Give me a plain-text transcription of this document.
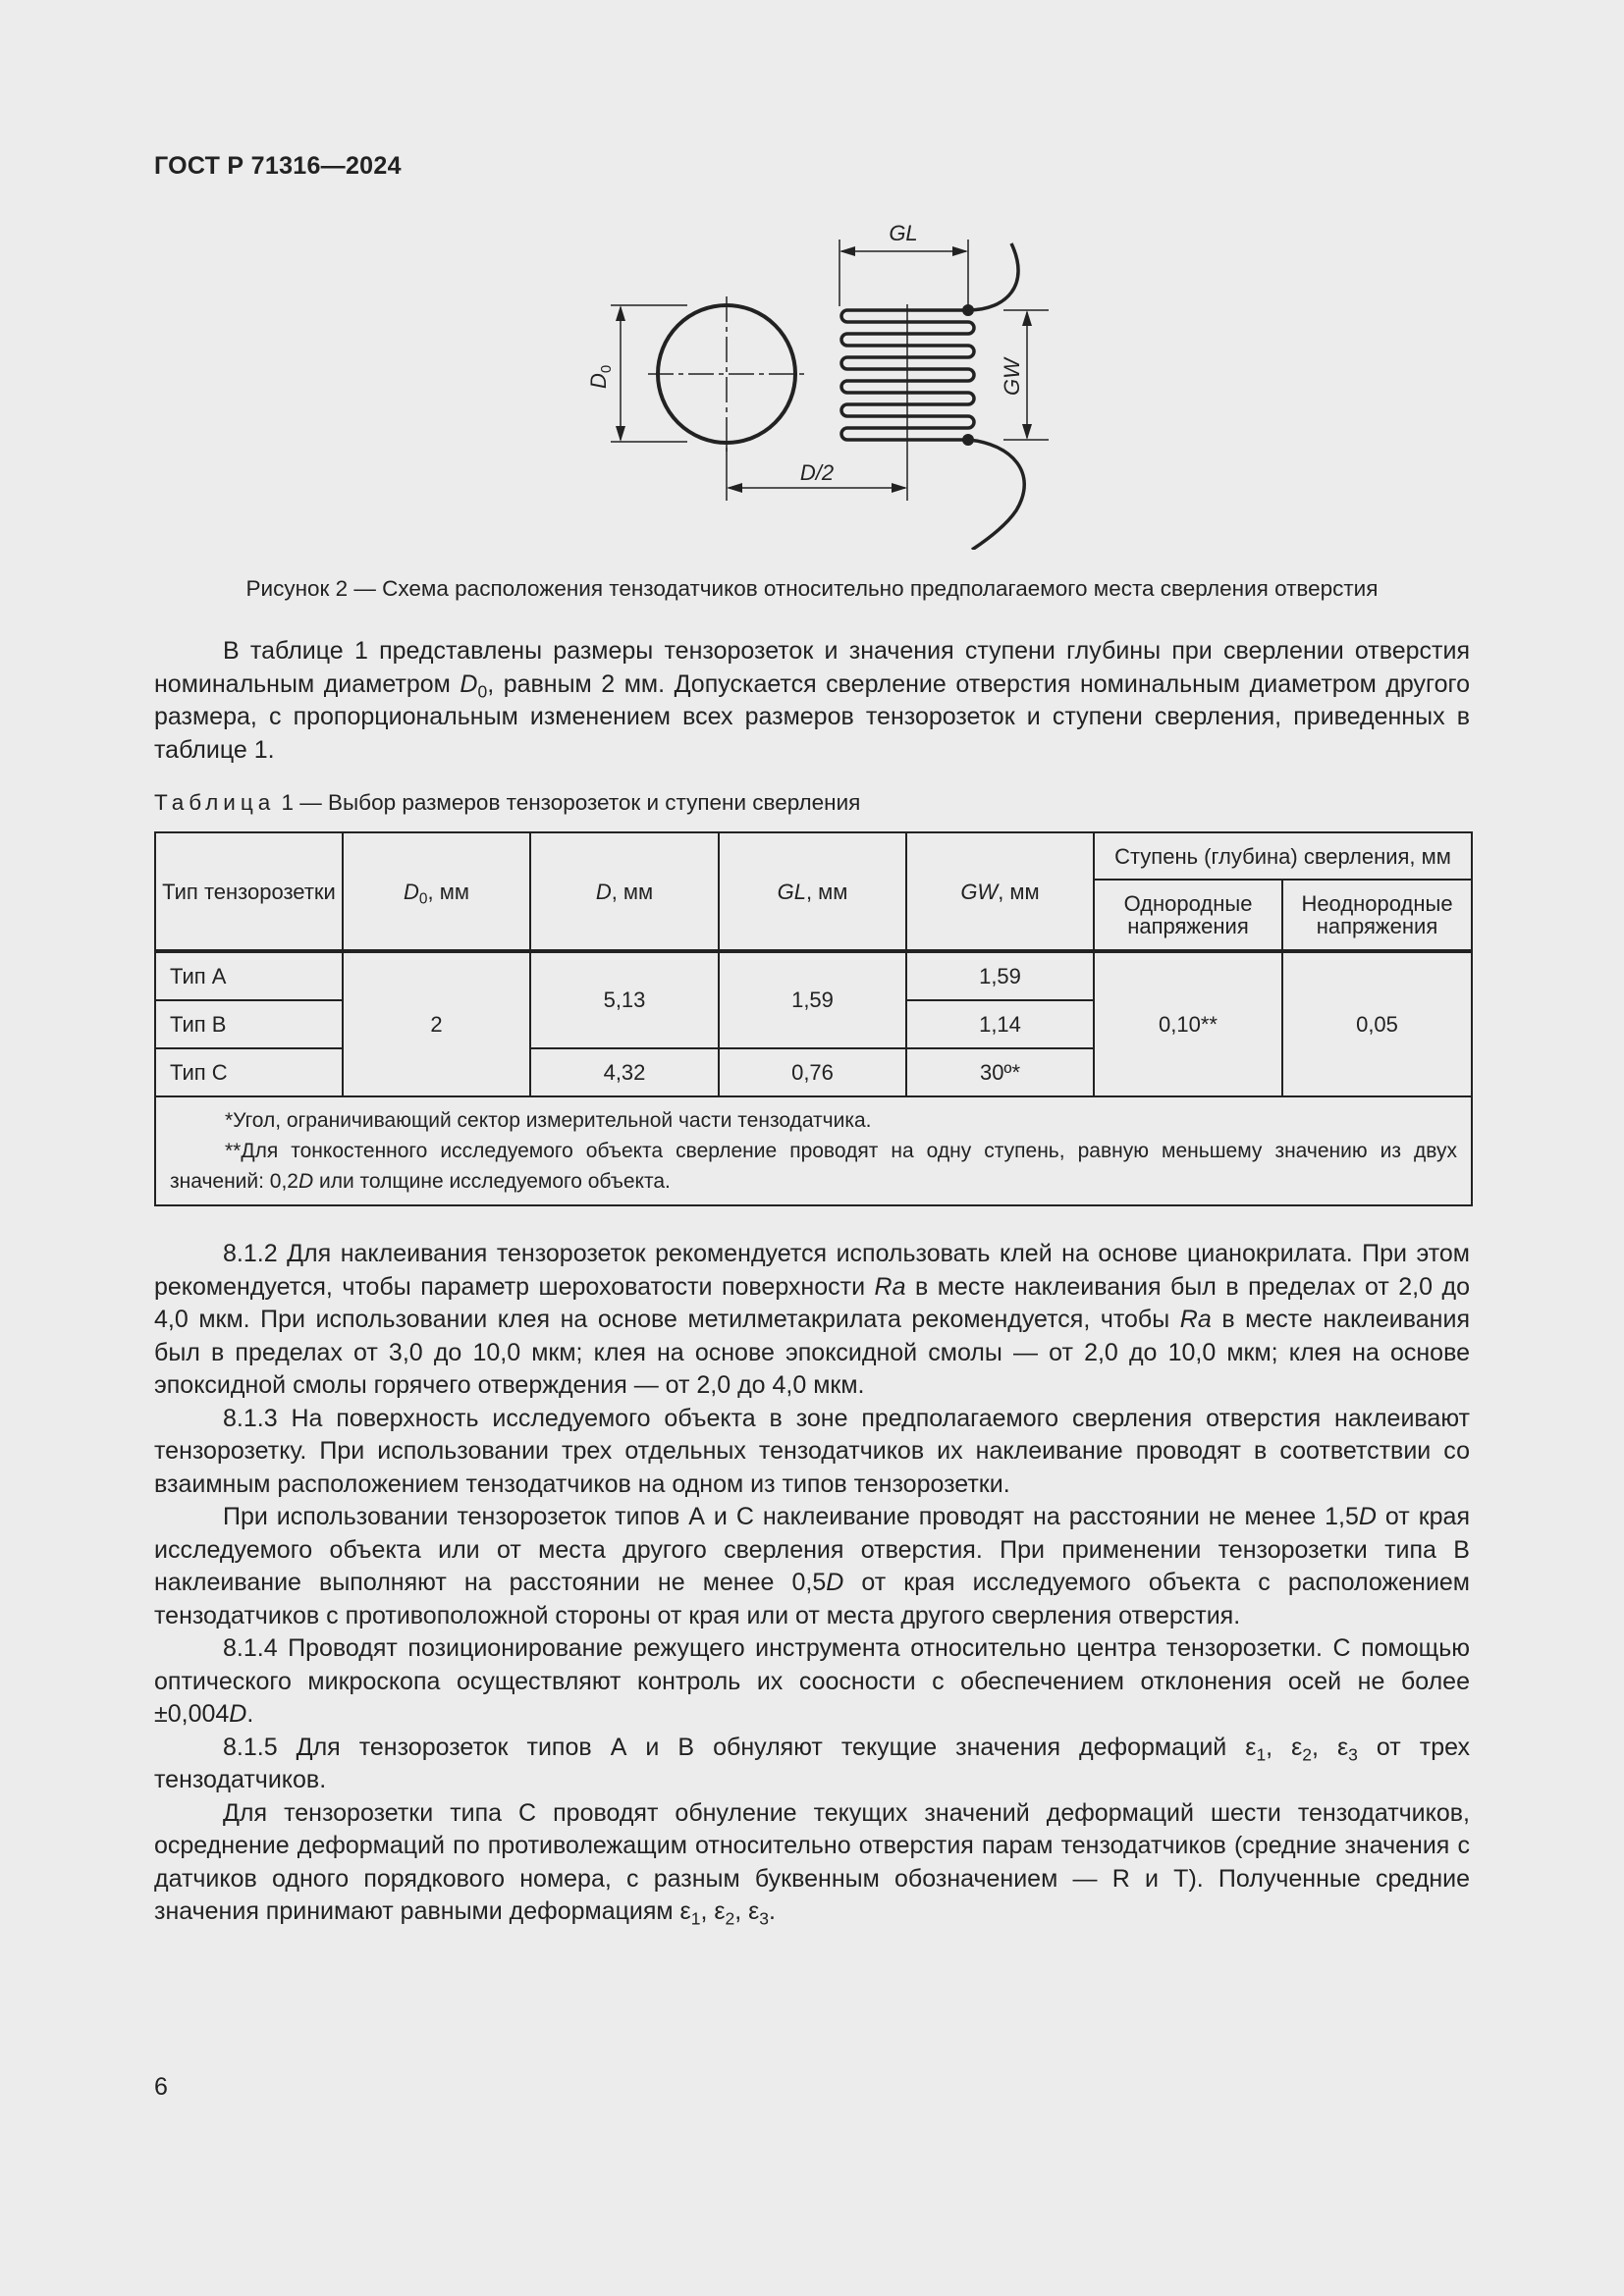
ГОСТ Р 71316—2024
GL
GW
$D_0$
D/2
Рисунок 2 — Схема расположения тензодатчиков относительно предполагаемого места сверления отверстия

В таблице 1 представлены размеры тензорозеток и значения ступени глубины при сверлении отверстия номинальным диаметром $D_0$, равным 2 мм. Допускается сверление отверстия номинальным диаметром другого размера, с пропорциональным изменением всех размеров тензорозеток и ступени сверления, приведенных в таблице 1.

Таблица 1 — Выбор размеров тензорозеток и ступени сверления
Тип тензорозетки	$D_0$, мм	D, мм	GL, мм	GW, мм	Ступень (глубина) сверления, мм	
					Однородные напряжения	Неоднородные напряжения
Тип А	2	5,13	1,59	1,59	0,10**	0,05
Тип В				1,14		
Тип С		4,32	0,76	30º*		

*Угол, ограничивающий сектор измерительной части тензодатчика.

**Для тонкостенного исследуемого объекта сверление проводят на одну ступень, равную меньшему значению из двух значений: 0,2D или толщине исследуемого объекта.						

8.1.2 Для наклеивания тензорозеток рекомендуется использовать клей на основе цианокрилата. При этом рекомендуется, чтобы параметр шероховатости поверхности Ra в месте наклеивания был в пределах от 2,0 до 4,0 мкм. При использовании клея на основе метилметакрилата рекомендуется, чтобы Ra в месте наклеивания был в пределах от 3,0 до 10,0 мкм; клея на основе эпоксидной смолы — от 2,0 до 10,0 мкм; клея на основе эпоксидной смолы горячего отверждения — от 2,0 до 4,0 мкм.

8.1.3 На поверхность исследуемого объекта в зоне предполагаемого сверления отверстия наклеивают тензорозетку. При использовании трех отдельных тензодатчиков их наклеивание проводят в соответствии со взаимным расположением тензодатчиков на одном из типов тензорозетки.

При использовании тензорозеток типов А и С наклеивание проводят на расстоянии не менее 1,5D от края исследуемого объекта или от места другого сверления отверстия. При применении тензорозетки типа В наклеивание выполняют на расстоянии не менее 0,5D от края исследуемого объекта с расположением тензодатчиков с противоположной стороны от края или от места другого сверления отверстия.

8.1.4 Проводят позиционирование режущего инструмента относительно центра тензорозетки. С помощью оптического микроскопа осуществляют контроль их соосности с обеспечением отклонения осей не более ±0,004D.

8.1.5 Для тензорозеток типов А и В обнуляют текущие значения деформаций $\varepsilon_1$, $\varepsilon_2$, $\varepsilon_3$ от трех тензодатчиков.

Для тензорозетки типа С проводят обнуление текущих значений деформаций шести тензодатчиков, осреднение деформаций по противолежащим относительно отверстия парам тензодатчиков (средние значения с датчиков одного порядкового номера, с разным буквенным обозначением — R и T). Полученные средние значения принимают равными деформациям $\varepsilon_1$, $\varepsilon_2$, $\varepsilon_3$.

6
